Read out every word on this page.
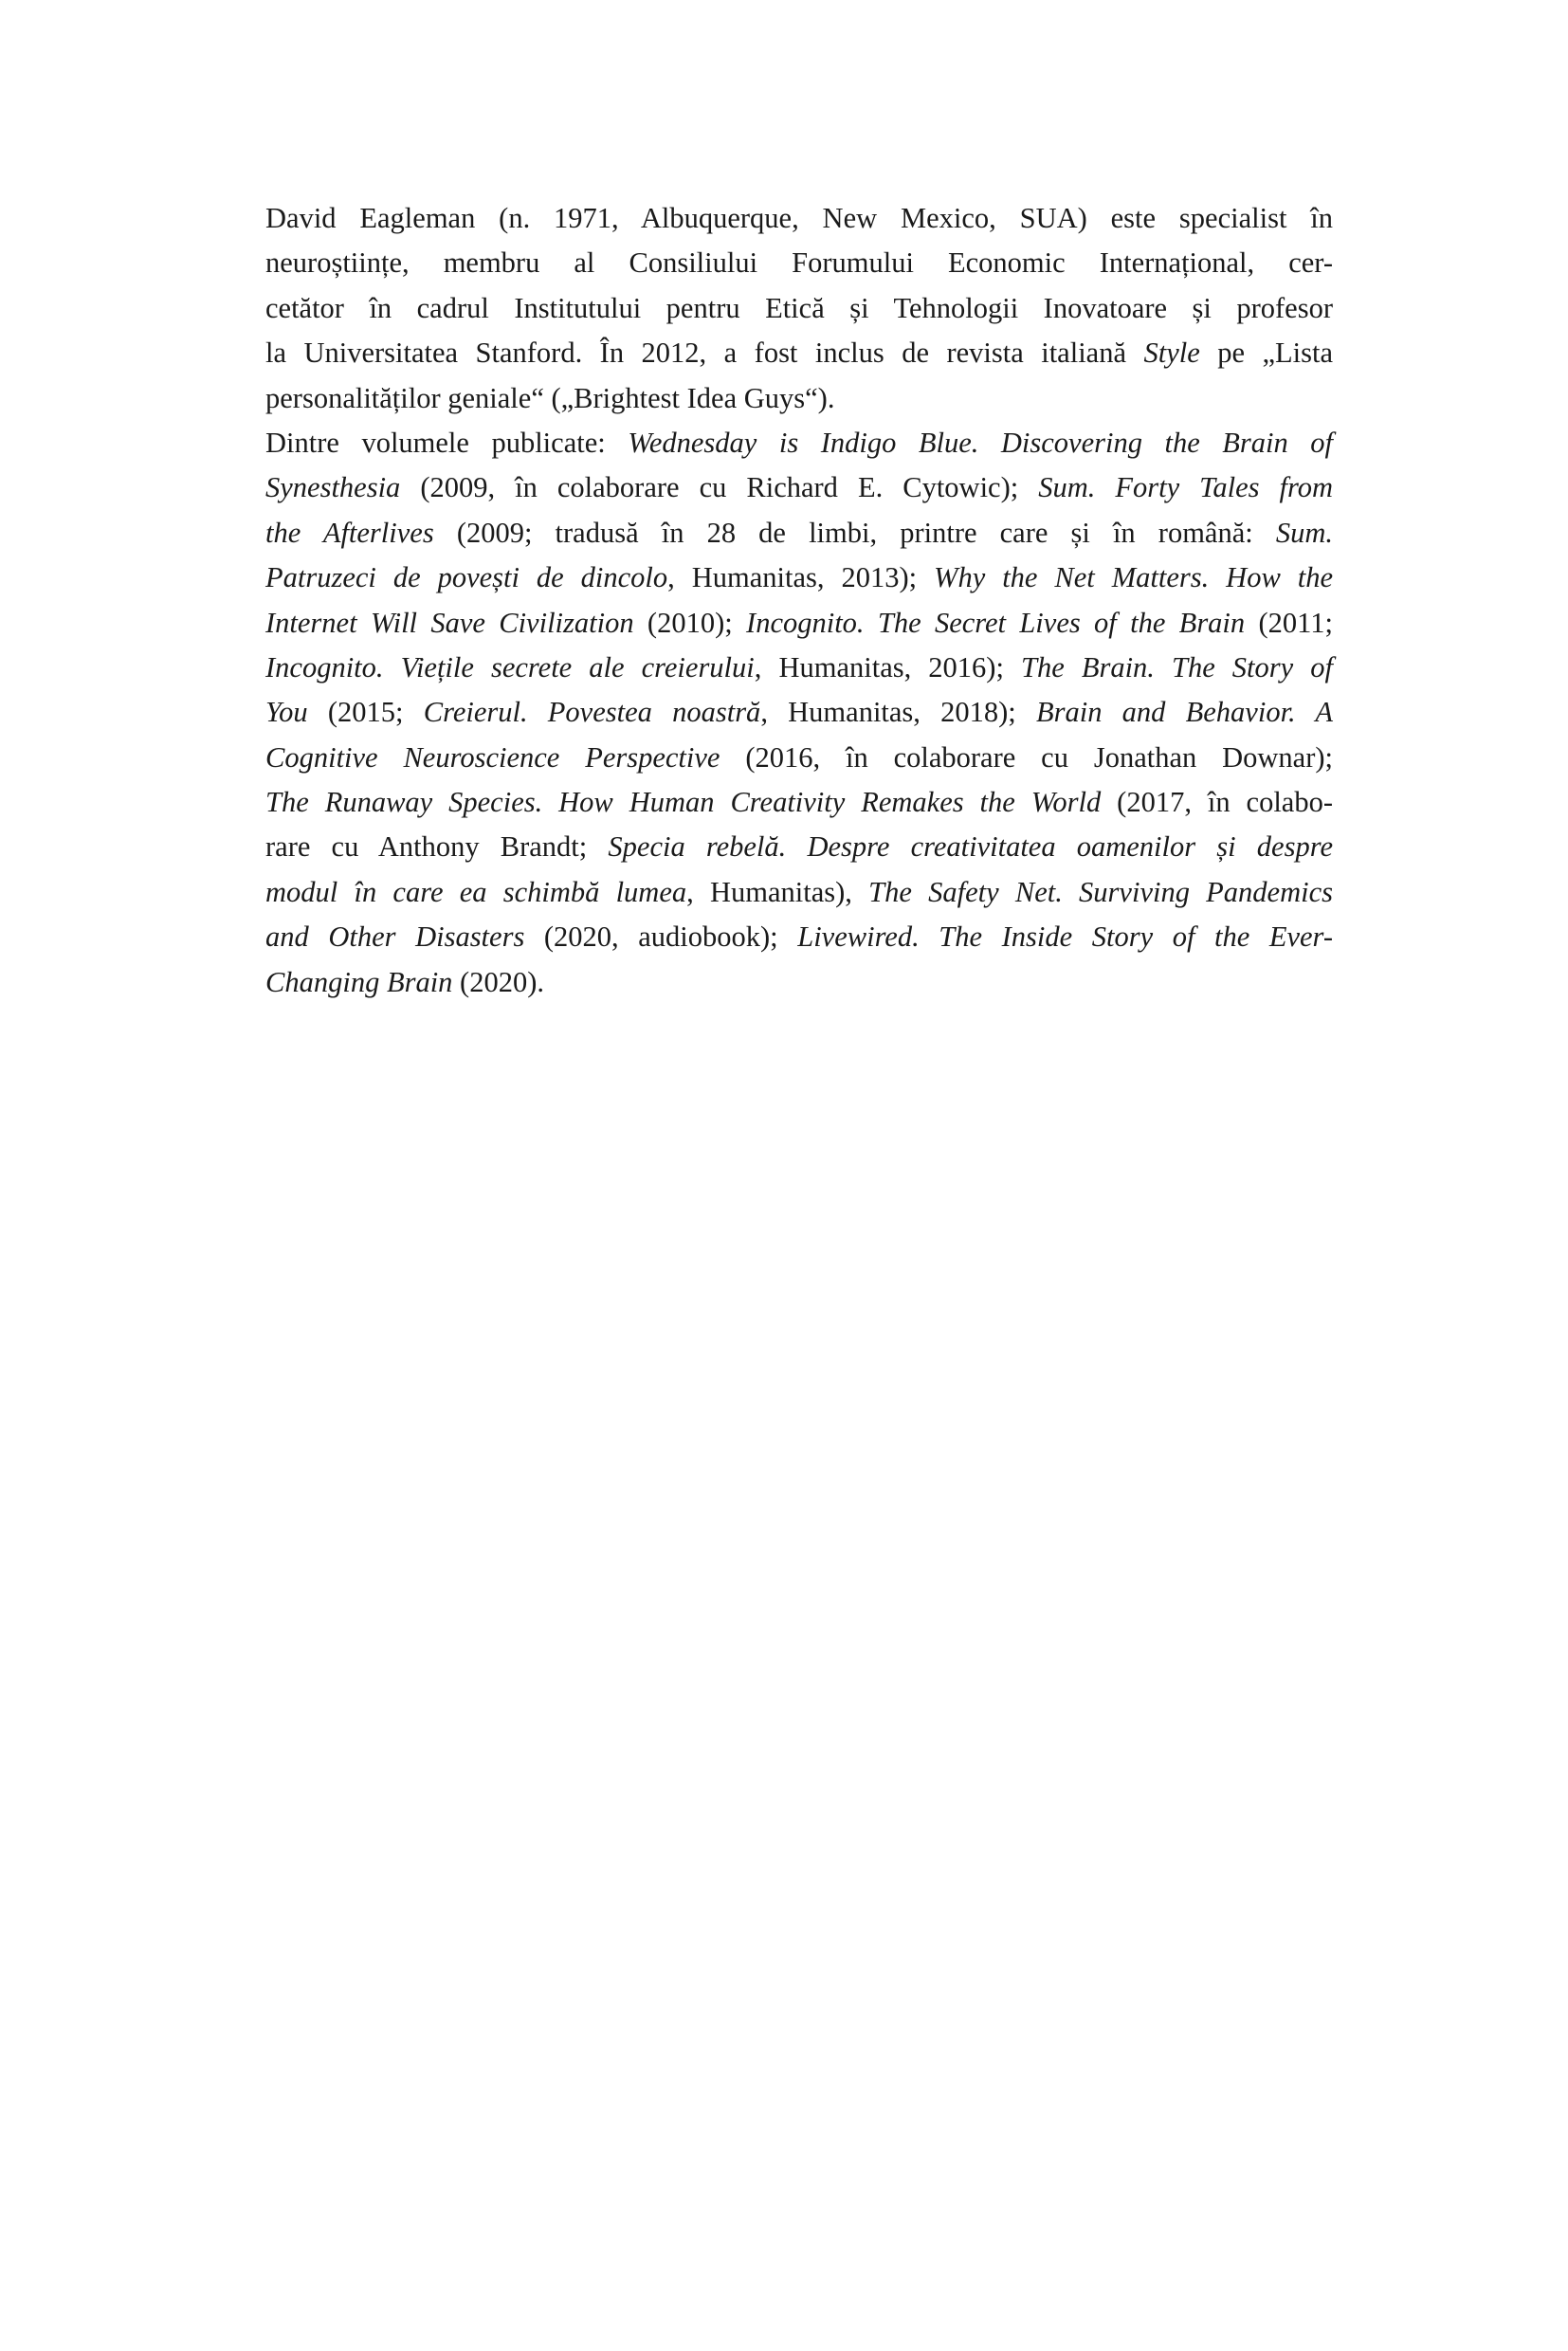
David Eagleman (n. 1971, Albuquerque, New Mexico, SUA) este specialist în
neuroștiințe, membru al Consiliului Forumului Economic Internațional, cer-
cetător în cadrul Institutului pentru Etică și Tehnologii Inovatoare și profesor
la Universitatea Stanford. În 2012, a fost inclus de revista italiană Style pe „Lista
personalităților geniale“ („Brightest Idea Guys“).
Dintre volumele publicate: Wednesday is Indigo Blue. Discovering the Brain of
Synesthesia (2009, în colaborare cu Richard E. Cytowic); Sum. Forty Tales from
the Afterlives (2009; tradusă în 28 de limbi, printre care și în română: Sum.
Patruzeci de povești de dincolo, Humanitas, 2013); Why the Net Matters. How the
Internet Will Save Civilization (2010); Incognito. The Secret Lives of the Brain (2011;
Incognito. Viețile secrete ale creierului, Humanitas, 2016); The Brain. The Story of
You (2015; Creierul. Povestea noastră, Humanitas, 2018); Brain and Behavior. A
Cognitive Neuroscience Perspective (2016, în colaborare cu Jonathan Downar);
The Runaway Species. How Human Creativity Remakes the World (2017, în colabo-
rare cu Anthony Brandt; Specia rebelă. Despre creativitatea oamenilor și despre
modul în care ea schimbă lumea, Humanitas), The Safety Net. Surviving Pandemics
and Other Disasters (2020, audiobook); Livewired. The Inside Story of the Ever-
Changing Brain (2020).
